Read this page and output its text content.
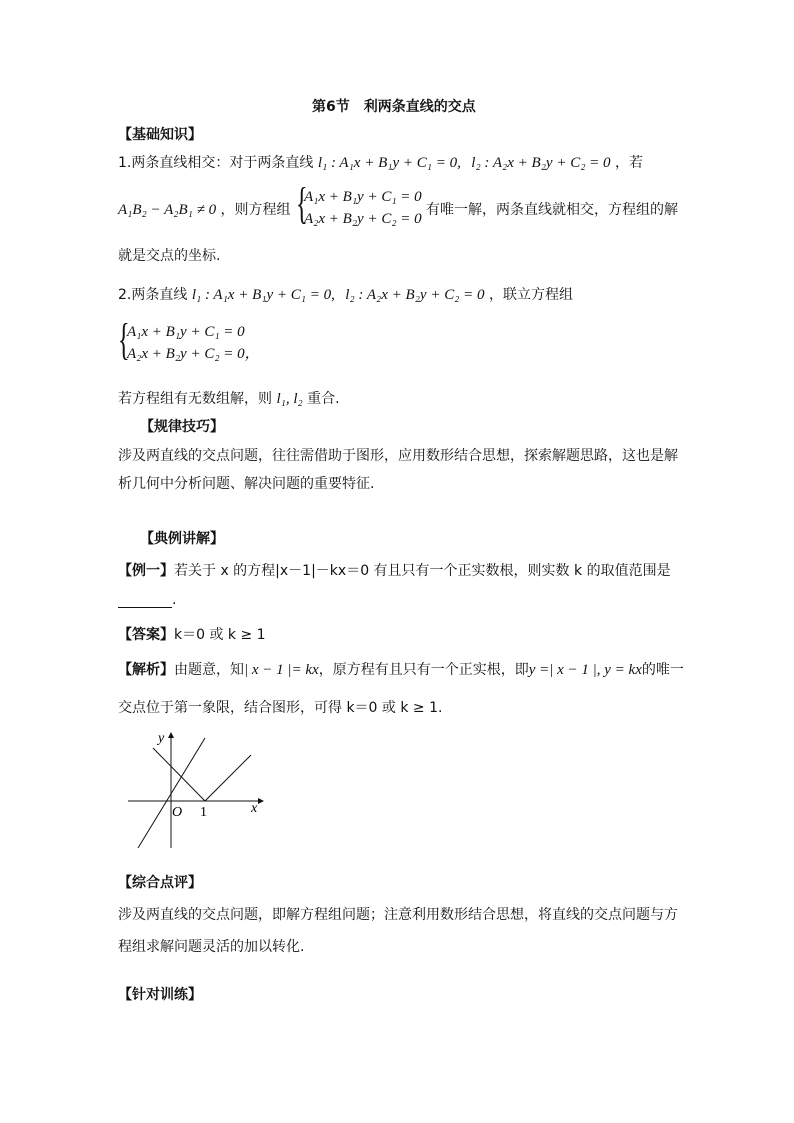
第6节　利两条直线的交点
【基础知识】
1.两条直线相交：对于两条直线 l₁ : A₁x + B₁y + C₁ = 0, l₂ : A₂x + B₂y + C₂ = 0 ，若
A₁B₂ − A₂B₁ ≠ 0 ，则方程组 {
A₁x + B₁y + C₁ = 0
A₂x + B₂y + C₂ = 0
有唯一解，两条直线就相交，方程组的解
就是交点的坐标.
2.两条直线 l₁ : A₁x + B₁y + C₁ = 0, l₂ : A₂x + B₂y + C₂ = 0 ，联立方程组
{
A₁x + B₁y + C₁ = 0
A₂x + B₂y + C₂ = 0，
若方程组有无数组解，则 l₁, l₂ 重合.
【规律技巧】
涉及两直线的交点问题，往往需借助于图形，应用数形结合思想，探索解题思路，这也是解
析几何中分析问题、解决问题的重要特征.
【典例讲解】
【例一】若关于 x 的方程|x－1|－kx＝0 有且只有一个正实数根，则实数 k 的取值范围是
.
【答案】k＝0 或 k ≥ 1
【解析】由题意，知| x − 1 |= kx，原方程有且只有一个正实根，即y =| x − 1 |, y = kx的唯一
交点位于第一象限，结合图形，可得 k＝0 或 k ≥ 1.
y
x
O 1
【综合点评】
涉及两直线的交点问题，即解方程组问题；注意利用数形结合思想，将直线的交点问题与方
程组求解问题灵活的加以转化.
【针对训练】
